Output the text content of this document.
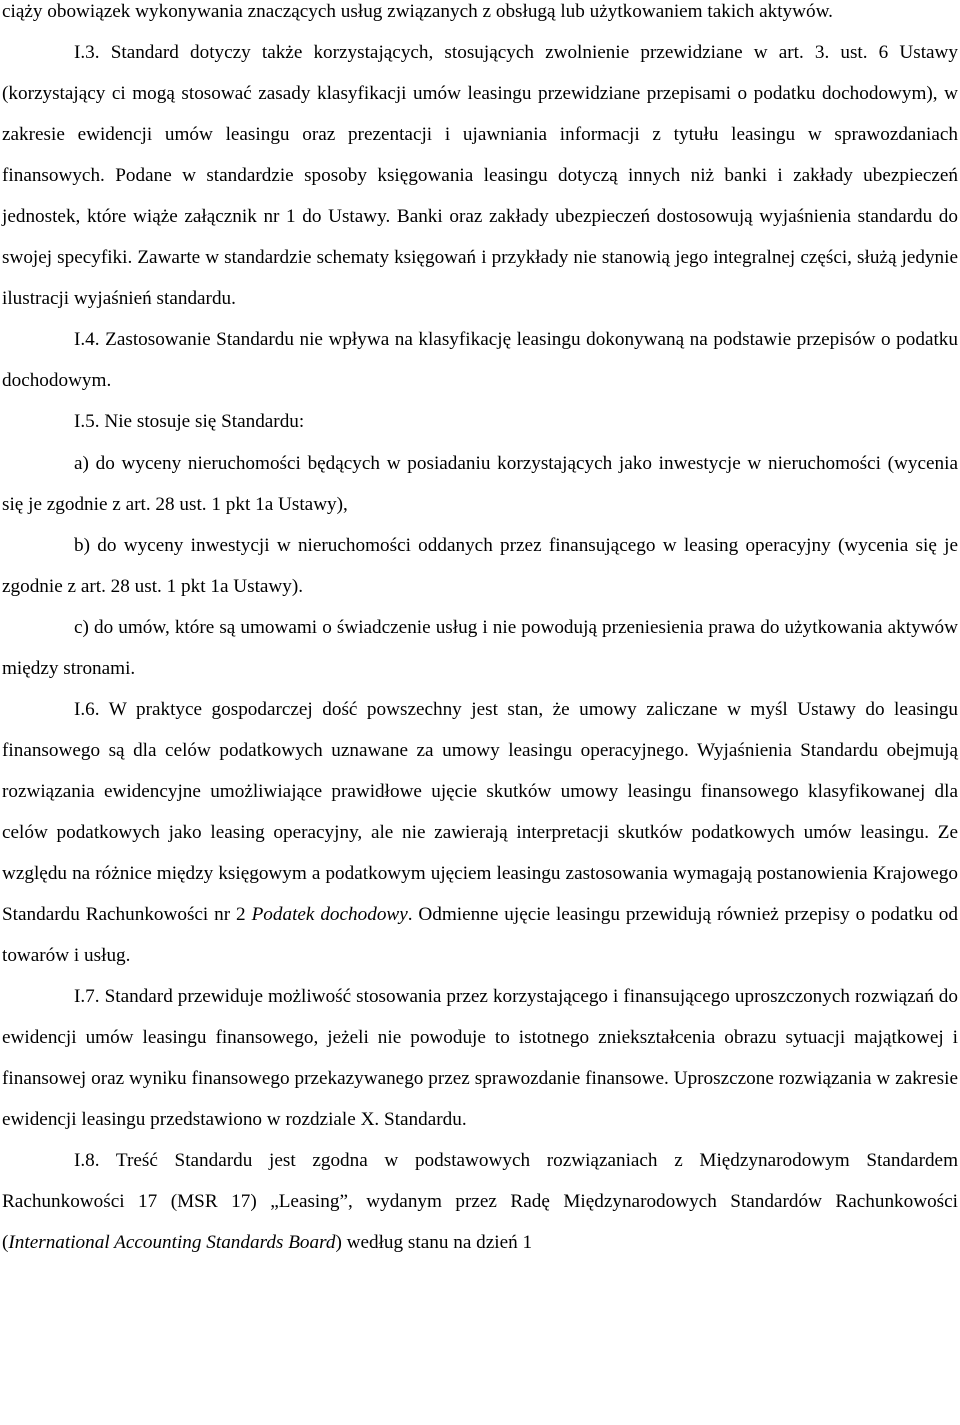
ciąży obowiązek wykonywania znaczących usług związanych z obsługą lub użytkowaniem takich aktywów.

I.3. Standard dotyczy także korzystających, stosujących zwolnienie przewidziane w art. 3. ust. 6 Ustawy (korzystający ci mogą stosować zasady klasyfikacji umów leasingu przewidziane przepisami o podatku dochodowym), w zakresie ewidencji umów leasingu oraz prezentacji i ujawniania informacji z tytułu leasingu w sprawozdaniach finansowych. Podane w standardzie sposoby księgowania leasingu dotyczą innych niż banki i zakłady ubezpieczeń jednostek, które wiąże załącznik nr 1 do Ustawy. Banki oraz zakłady ubezpieczeń dostosowują wyjaśnienia standardu do swojej specyfiki. Zawarte w standardzie schematy księgowań i przykłady nie stanowią jego integralnej części, służą jedynie ilustracji wyjaśnień standardu.

I.4. Zastosowanie Standardu nie wpływa na klasyfikację leasingu dokonywaną na podstawie przepisów o podatku dochodowym.

I.5. Nie stosuje się Standardu:

a) do wyceny nieruchomości będących w posiadaniu korzystających jako inwestycje w nieruchomości (wycenia się je zgodnie z art. 28 ust. 1 pkt 1a Ustawy),

b) do wyceny inwestycji w nieruchomości oddanych przez finansującego w leasing operacyjny (wycenia się je zgodnie z art. 28 ust. 1 pkt 1a Ustawy).

c) do umów, które są umowami o świadczenie usług i nie powodują przeniesienia prawa do użytkowania aktywów między stronami.

I.6. W praktyce gospodarczej dość powszechny jest stan, że umowy zaliczane w myśl Ustawy do leasingu finansowego są dla celów podatkowych uznawane za umowy leasingu operacyjnego. Wyjaśnienia Standardu obejmują rozwiązania ewidencyjne umożliwiające prawidłowe ujęcie skutków umowy leasingu finansowego klasyfikowanej dla celów podatkowych jako leasing operacyjny, ale nie zawierają interpretacji skutków podatkowych umów leasingu. Ze względu na różnice między księgowym a podatkowym ujęciem leasingu zastosowania wymagają postanowienia Krajowego Standardu Rachunkowości nr 2 Podatek dochodowy. Odmienne ujęcie leasingu przewidują również przepisy o podatku od towarów i usług.

I.7. Standard przewiduje możliwość stosowania przez korzystającego i finansującego uproszczonych rozwiązań do ewidencji umów leasingu finansowego, jeżeli nie powoduje to istotnego zniekształcenia obrazu sytuacji majątkowej i finansowej oraz wyniku finansowego przekazywanego przez sprawozdanie finansowe. Uproszczone rozwiązania w zakresie ewidencji leasingu przedstawiono w rozdziale X. Standardu.

I.8. Treść Standardu jest zgodna w podstawowych rozwiązaniach z Międzynarodowym Standardem Rachunkowości 17 (MSR 17) „Leasing”, wydanym przez Radę Międzynarodowych Standardów Rachunkowości (International Accounting Standards Board) według stanu na dzień 1
